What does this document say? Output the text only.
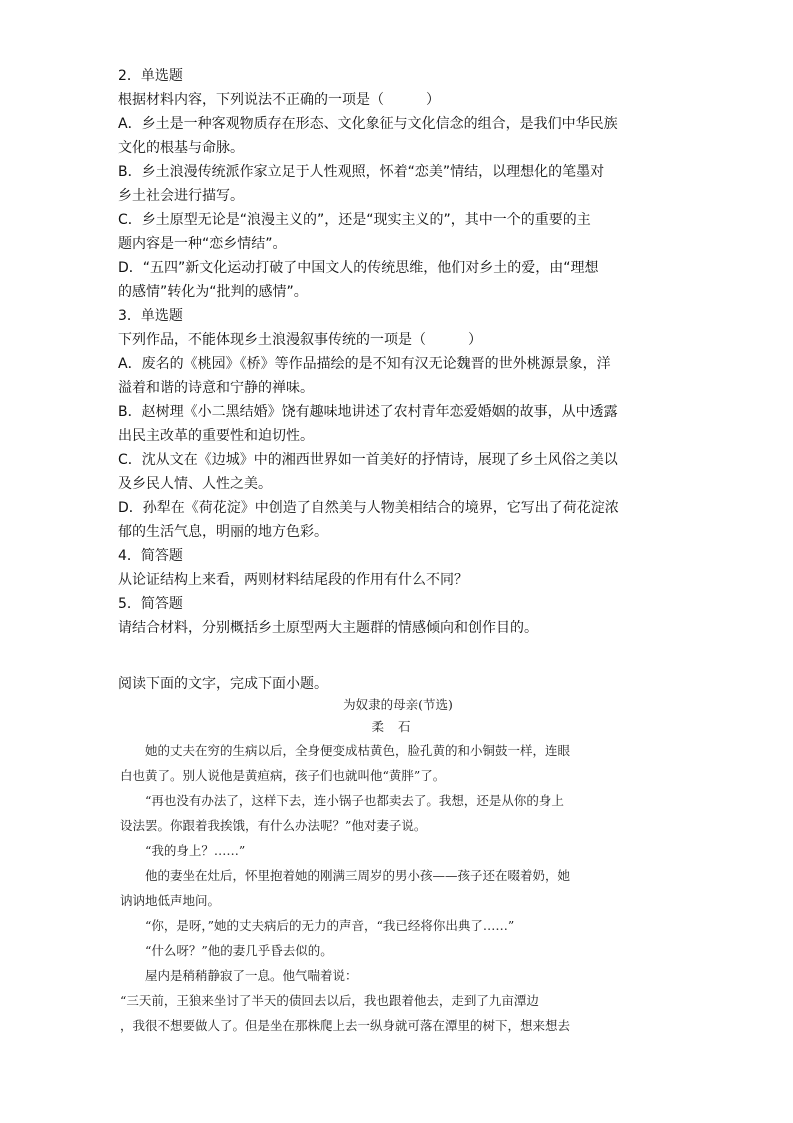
2．单选题

根据材料内容，下列说法不正确的一项是（　　　）

A．乡土是一种客观物质存在形态、文化象征与文化信念的组合，是我们中华民族

文化的根基与命脉。

B．乡土浪漫传统派作家立足于人性观照，怀着“恋美”情结，以理想化的笔墨对

乡土社会进行描写。

C．乡土原型无论是“浪漫主义的”，还是“现实主义的”，其中一个的重要的主

题内容是一种“恋乡情结”。

D．“五四”新文化运动打破了中国文人的传统思维，他们对乡土的爱，由“理想

的感情”转化为“批判的感情”。

3．单选题

下列作品，不能体现乡土浪漫叙事传统的一项是（　　　）

A．废名的《桃园》《桥》等作品描绘的是不知有汉无论魏晋的世外桃源景象，洋

溢着和谐的诗意和宁静的禅味。

B．赵树理《小二黑结婚》饶有趣味地讲述了农村青年恋爱婚姻的故事，从中透露

出民主改革的重要性和迫切性。

C．沈从文在《边城》中的湘西世界如一首美好的抒情诗，展现了乡土风俗之美以

及乡民人情、人性之美。

D．孙犁在《荷花淀》中创造了自然美与人物美相结合的境界，它写出了荷花淀浓

郁的生活气息，明丽的地方色彩。

4．简答题

从论证结构上来看，两则材料结尾段的作用有什么不同？

5．简答题

请结合材料，分别概括乡土原型两大主题群的情感倾向和创作目的。

阅读下面的文字，完成下面小题。

为奴隶的母亲(节选)

柔石

她的丈夫在穷的生病以后，全身便变成枯黄色，脸孔黄的和小铜鼓一样，连眼

白也黄了。别人说他是黄疸病，孩子们也就叫他“黄胖”了。

“再也没有办法了，这样下去，连小锅子也都卖去了。我想，还是从你的身上

设法罢。你跟着我挨饿，有什么办法呢？”他对妻子说。

“我的身上？……”

他的妻坐在灶后，怀里抱着她的刚满三周岁的男小孩——孩子还在啜着奶，她

讷讷地低声地问。

“你，是呀，”她的丈夫病后的无力的声音，“我已经将你出典了……”

“什么呀？”他的妻几乎昏去似的。

屋内是稍稍静寂了一息。他气喘着说：

“三天前，王狼来坐讨了半天的债回去以后，我也跟着他去，走到了九亩潭边

，我很不想要做人了。但是坐在那株爬上去一纵身就可落在潭里的树下，想来想去
